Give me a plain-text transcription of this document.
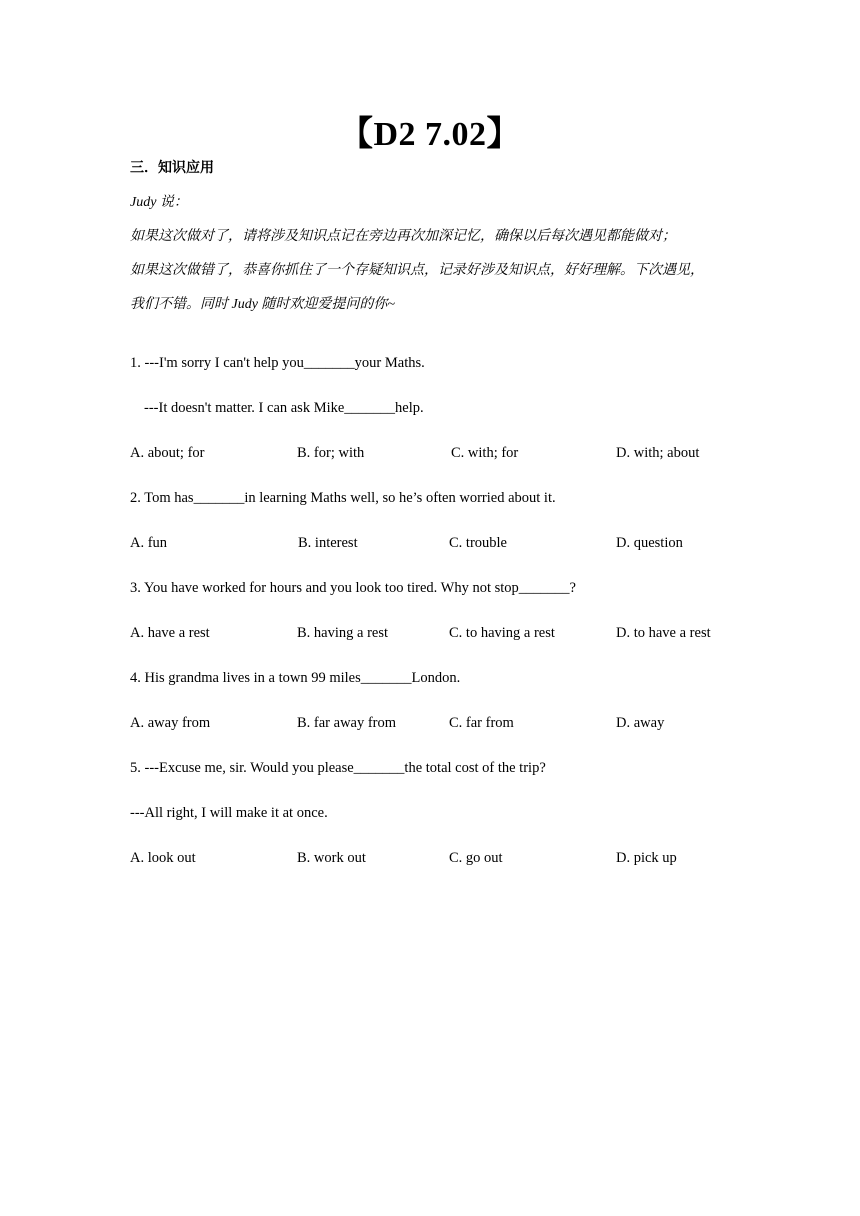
【D2 7.02】
三．知识应用
Judy 说：
如果这次做对了，请将涉及知识点记在旁边再次加深记忆，确保以后每次遇见都能做对；
如果这次做错了，恭喜你抓住了一个存疑知识点，记录好涉及知识点，好好理解。下次遇见，
我们不错。同时 Judy 随时欢迎爱提问的你~
1. ---I'm sorry I can't help you_______your Maths.
---It doesn't matter. I can ask Mike_______help.
A. about; for	B. for; with	C. with; for	D. with; about
2. Tom has_______in learning Maths well, so he’s often worried about it.
A. fun	B. interest	C. trouble	D. question
3. You have worked for hours and you look too tired. Why not stop_______?
A. have a rest	B. having a rest	C. to having a rest	D. to have a rest
4. His grandma lives in a town 99 miles_______London.
A. away from	B. far away from	C. far from	D. away
5. ---Excuse me, sir. Would you please_______the total cost of the trip?
---All right, I will make it at once.
A. look out	B. work out	C. go out	D. pick up
